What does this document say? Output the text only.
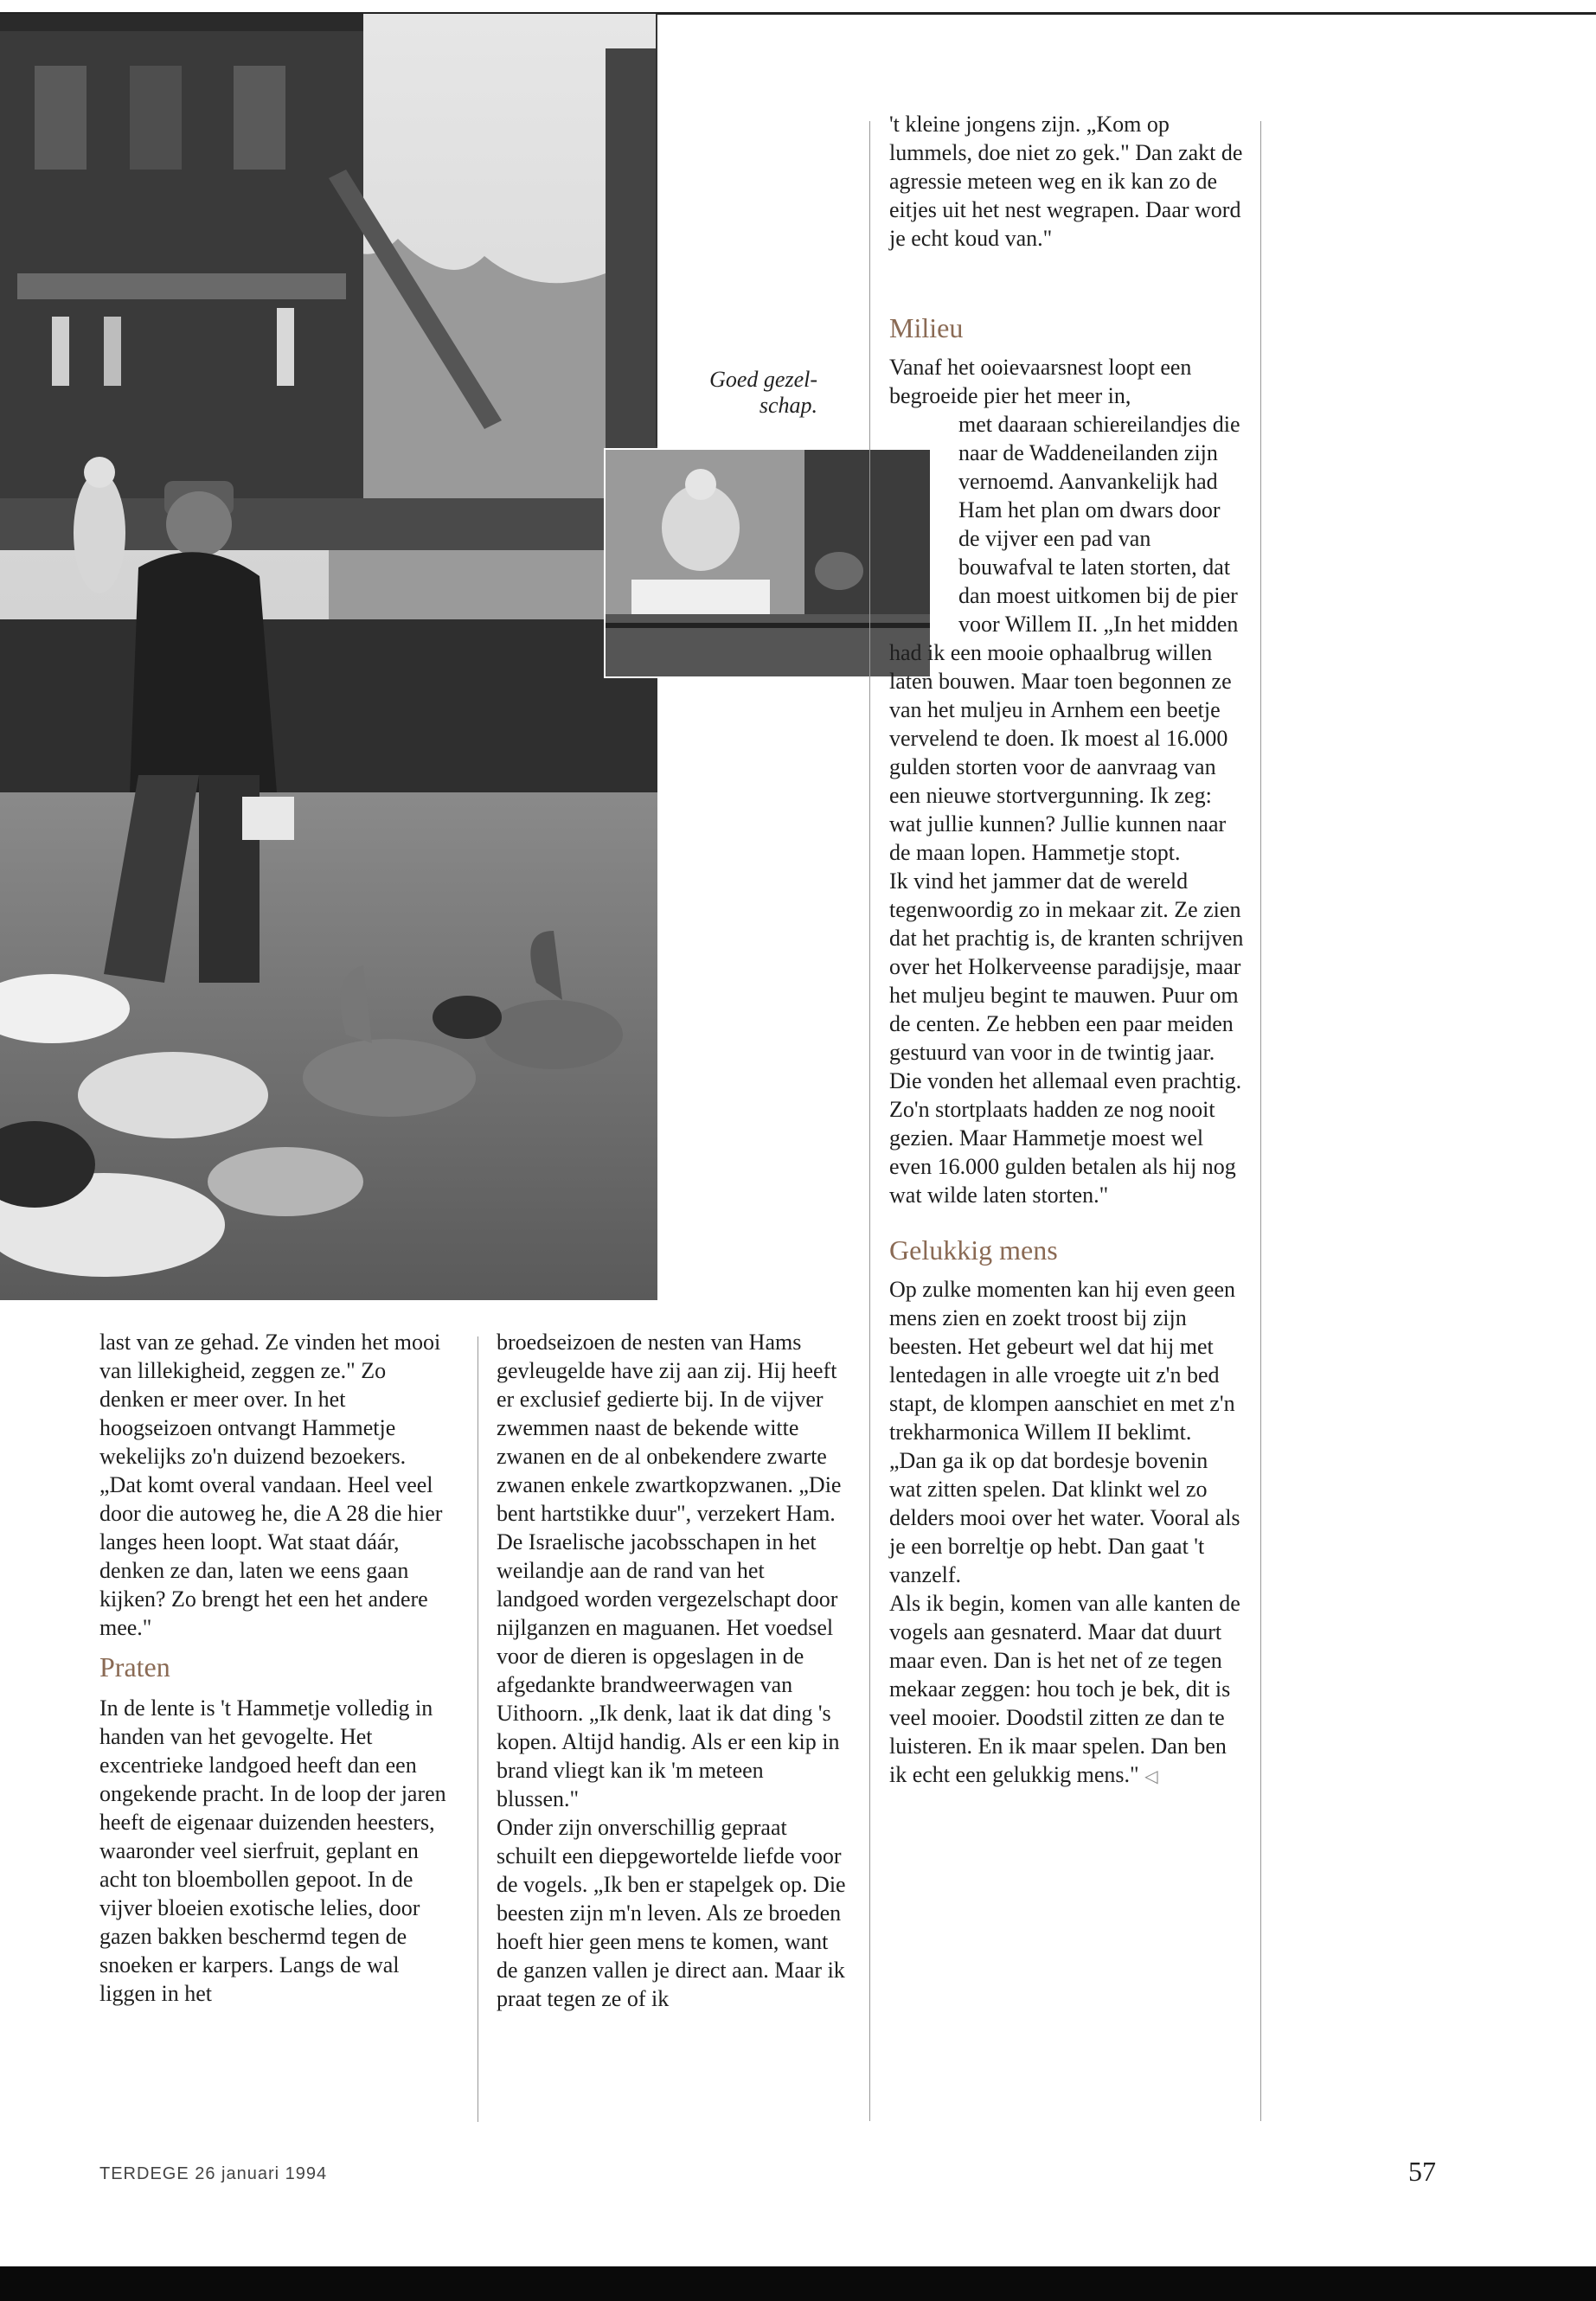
Goed gezel-
schap.

last van ze gehad. Ze vinden het mooi van lillekigheid, zeggen ze." Zo denken er meer over. In het hoogseizoen ontvangt Hammetje wekelijks zo'n duizend bezoekers. „Dat komt overal vandaan. Heel veel door die autoweg he, die A 28 die hier langes heen loopt. Wat staat dáár, denken ze dan, laten we eens gaan kijken? Zo brengt het een het andere mee."

Praten

In de lente is 't Hammetje volledig in handen van het gevogelte. Het excentrieke landgoed heeft dan een ongekende pracht. In de loop der jaren heeft de eigenaar duizenden heesters, waaronder veel sierfruit, geplant en acht ton bloembollen gepoot. In de vijver bloeien exotische lelies, door gazen bakken beschermd tegen de snoeken er karpers. Langs de wal liggen in het

broedseizoen de nesten van Hams gevleugelde have zij aan zij. Hij heeft er exclusief gedierte bij. In de vijver zwemmen naast de bekende witte zwanen en de al onbekendere zwarte zwanen enkele zwartkopzwanen. „Die bent hartstikke duur", verzekert Ham. De Israelische jacobsschapen in het weilandje aan de rand van het landgoed worden vergezelschapt door nijlganzen en maguanen. Het voedsel voor de dieren is opgeslagen in de afgedankte brandweerwagen van Uithoorn. „Ik denk, laat ik dat ding 's kopen. Altijd handig. Als er een kip in brand vliegt kan ik 'm meteen blussen."

Onder zijn onverschillig gepraat schuilt een diepgewortelde liefde voor de vogels. „Ik ben er stapelgek op. Die beesten zijn m'n leven. Als ze broeden hoeft hier geen mens te komen, want de ganzen vallen je direct aan. Maar ik praat tegen ze of ik

't kleine jongens zijn. „Kom op lummels, doe niet zo gek." Dan zakt de agressie meteen weg en ik kan zo de eitjes uit het nest wegrapen. Daar word je echt koud van."

Milieu

Vanaf het ooievaarsnest loopt een begroeide pier het meer in,

met daaraan schiereilandjes die naar de Waddeneilanden zijn vernoemd. Aanvankelijk had Ham het plan om dwars door de vijver een pad van bouwafval te laten storten, dat dan moest uitkomen bij de pier voor Willem II. „In het midden

had ik een mooie ophaalbrug willen laten bouwen. Maar toen begonnen ze van het muljeu in Arnhem een beetje vervelend te doen. Ik moest al 16.000 gulden storten voor de aanvraag van een nieuwe stortvergunning. Ik zeg: wat jullie kunnen? Jullie kunnen naar de maan lopen. Hammetje stopt.

Ik vind het jammer dat de wereld tegenwoordig zo in mekaar zit. Ze zien dat het prachtig is, de kranten schrijven over het Holkerveense paradijsje, maar het muljeu begint te mauwen. Puur om de centen. Ze hebben een paar meiden gestuurd van voor in de twintig jaar. Die vonden het allemaal even prachtig. Zo'n stortplaats hadden ze nog nooit gezien. Maar Hammetje moest wel even 16.000 gulden betalen als hij nog wat wilde laten storten."

Gelukkig mens

Op zulke momenten kan hij even geen mens zien en zoekt troost bij zijn beesten. Het gebeurt wel dat hij met lentedagen in alle vroegte uit z'n bed stapt, de klompen aanschiet en met z'n trekharmonica Willem II beklimt. „Dan ga ik op dat bordesje bovenin wat zitten spelen. Dat klinkt wel zo delders mooi over het water. Vooral als je een borreltje op hebt. Dan gaat 't vanzelf.

Als ik begin, komen van alle kanten de vogels aan gesnaterd. Maar dat duurt maar even. Dan is het net of ze tegen mekaar zeggen: hou toch je bek, dit is veel mooier. Doodstil zitten ze dan te luisteren. En ik maar spelen. Dan ben ik echt een gelukkig mens." ◁

TERDEGE 26 januari 1994	57
